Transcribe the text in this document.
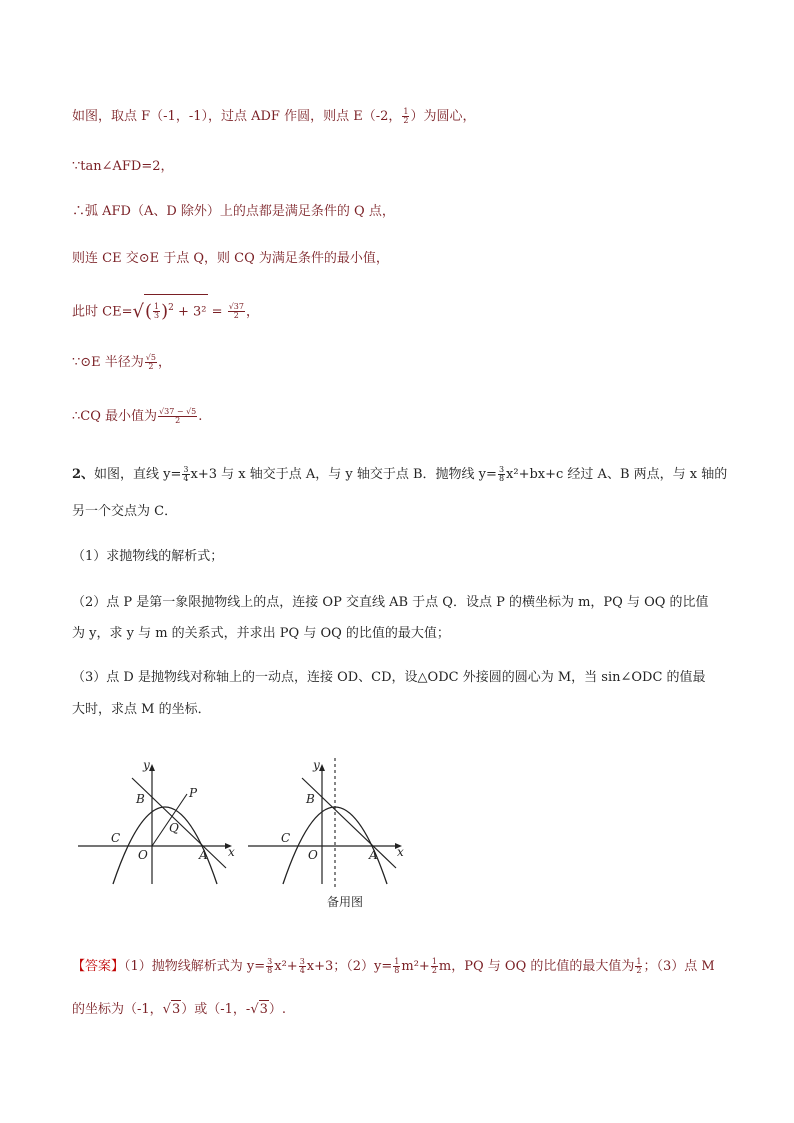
如图，取点 F（-1，-1），过点 ADF 作圆，则点 E（-2， $\frac{1}{2}$ ）为圆心，
∵tan∠AFD=2，
∴弧 AFD（A、D 除外）上的点都是满足条件的 Q 点，
则连 CE 交⊙E 于点 Q，则 CQ 为满足条件的最小值，
此时 $CE=√( \frac{1}{3} )^2 + 3^2 = \frac{√37}{2}$ ，
∵⊙E 半径为 $\frac{√5}{2}$ ，
∴CQ 最小值为 $\frac{√37 - √5}{2}$ .
2、如图，直线 $y= \frac{3}{4} x+3$ 与 x 轴交于点 A，与 y 轴交于点 B．抛物线 $y= \frac{3}{8} x^2+bx+c$ 经过 A、B 两点，与 x 轴的
另一个交点为 C．
（1）求抛物线的解析式；
（2）点 P 是第一象限抛物线上的点，连接 OP 交直线 AB 于点 Q．设点 P 的横坐标为 m，PQ 与 OQ 的比值
为 y，求 y 与 m 的关系式，并求出 PQ 与 OQ 的比值的最大值；
（3）点 D 是抛物线对称轴上的一动点，连接 OD、CD，设△ODC 外接圆的圆心为 M，当 sin∠ODC 的值最
大时，求点 M 的坐标．
y
x
B	P
C
Q
O	A
y
x
B
C
O	A
备用图
【答案】（1）抛物线解析式为 $y= \frac{3}{8} x^2+ \frac{3}{4} x+3$；$(2)y= \frac{1}{8} m^2+ \frac{1}{2}$ m，PQ 与 OQ 的比值的最大值为 $\frac{1}{2}$ ；（3）点 M
的坐标为（-1，√3）或（-1，-√3）.
